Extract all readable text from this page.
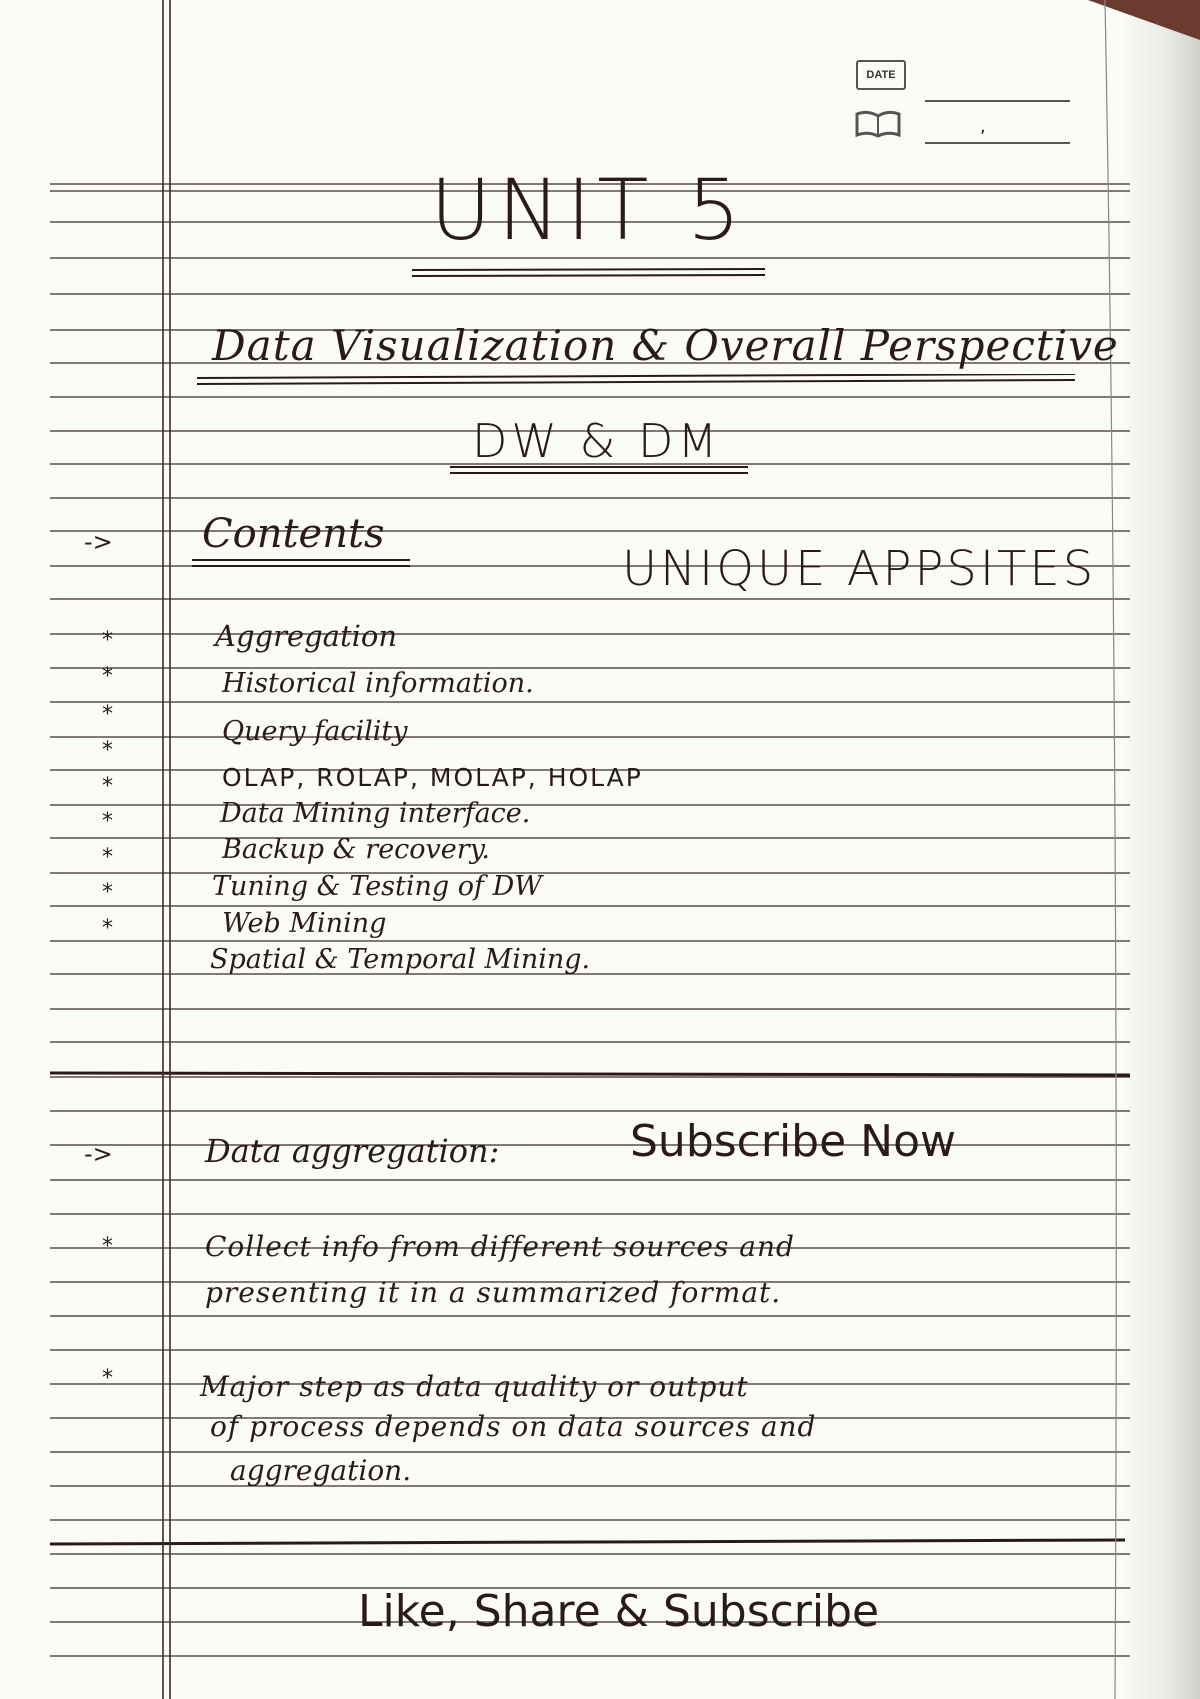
DATE
,
UNIT 5
Data Visualization & Overall Perspective
DW & DM
-> Contents
UNIQUE APPSITES
*	Aggregation
*	Historical information.
*
Query facility
*
OLAP, ROLAP, MOLAP, HOLAP
*
Data Mining interface.
*
Backup & recovery.
*
Tuning & Testing of DW
*
Web Mining
*
Spatial & Temporal Mining.
->	Data aggregation:	Subscribe Now
*	Collect info from different sources and
presenting it in a summarized format.
*	Major step as data quality or output
of process depends on data sources and
aggregation.
Like, Share & Subscribe
